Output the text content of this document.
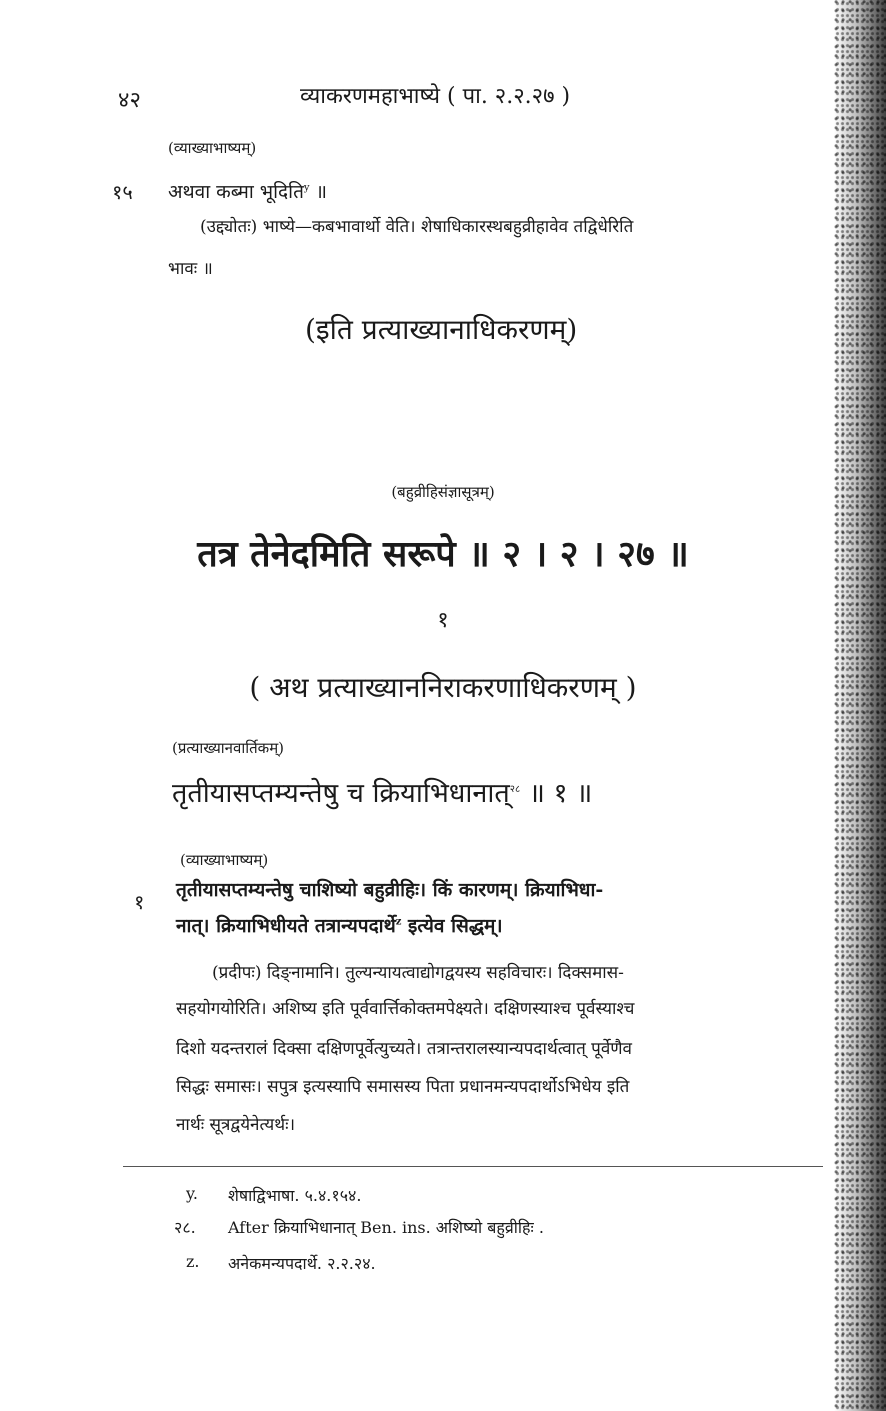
४२	व्याकरणमहाभाष्ये ( पा. २.२.२७ )
(व्याख्याभाष्यम्)
१५ अथवा कब्मा भूदिति$^y$ ॥
(उद्द्योतः) भाष्ये—कबभावार्थो वेति। शेषाधिकारस्थबहुव्रीहावेव तद्विधेरिति
भावः ॥
(इति प्रत्याख्यानाधिकरणम्)
(बहुव्रीहिसंज्ञासूत्रम्)
तत्र तेनेदमिति सरूपे ॥ २ । २ । २७ ॥
१
( अथ प्रत्याख्याननिराकरणाधिकरणम् )
(प्रत्याख्यानवार्तिकम्)
तृतीयासप्तम्यन्तेषु च क्रियाभिधानात्$^{२८}$ ॥ १ ॥
(व्याख्याभाष्यम्)
१ तृतीयासप्तम्यन्तेषु चाशिष्यो बहुव्रीहिः। किं कारणम्। क्रियाभिधा-
नात्। क्रियाभिधीयते तत्रान्यपदार्थे$^z$ इत्येव सिद्धम्।
(प्रदीपः) दिङ्नामानि। तुल्यन्यायत्वाद्योगद्वयस्य सहविचारः। दिक्समास-
सहयोगयोरिति। अशिष्य इति पूर्ववार्त्तिकोक्तमपेक्ष्यते। दक्षिणस्याश्च पूर्वस्याश्च
दिशो यदन्तरालं दिक्सा दक्षिणपूर्वेत्युच्यते। तत्रान्तरालस्यान्यपदार्थत्वात् पूर्वेणैव
सिद्धः समासः। सपुत्र इत्यस्यापि समासस्य पिता प्रधानमन्यपदार्थोऽभिधेय इति
नार्थः सूत्रद्वयेनेत्यर्थः।
y. शेषाद्विभाषा. ५.४.१५४.
२८. After क्रियाभिधानात् Ben. ins. अशिष्यो बहुव्रीहिः .
z. अनेकमन्यपदार्थे. २.२.२४.
